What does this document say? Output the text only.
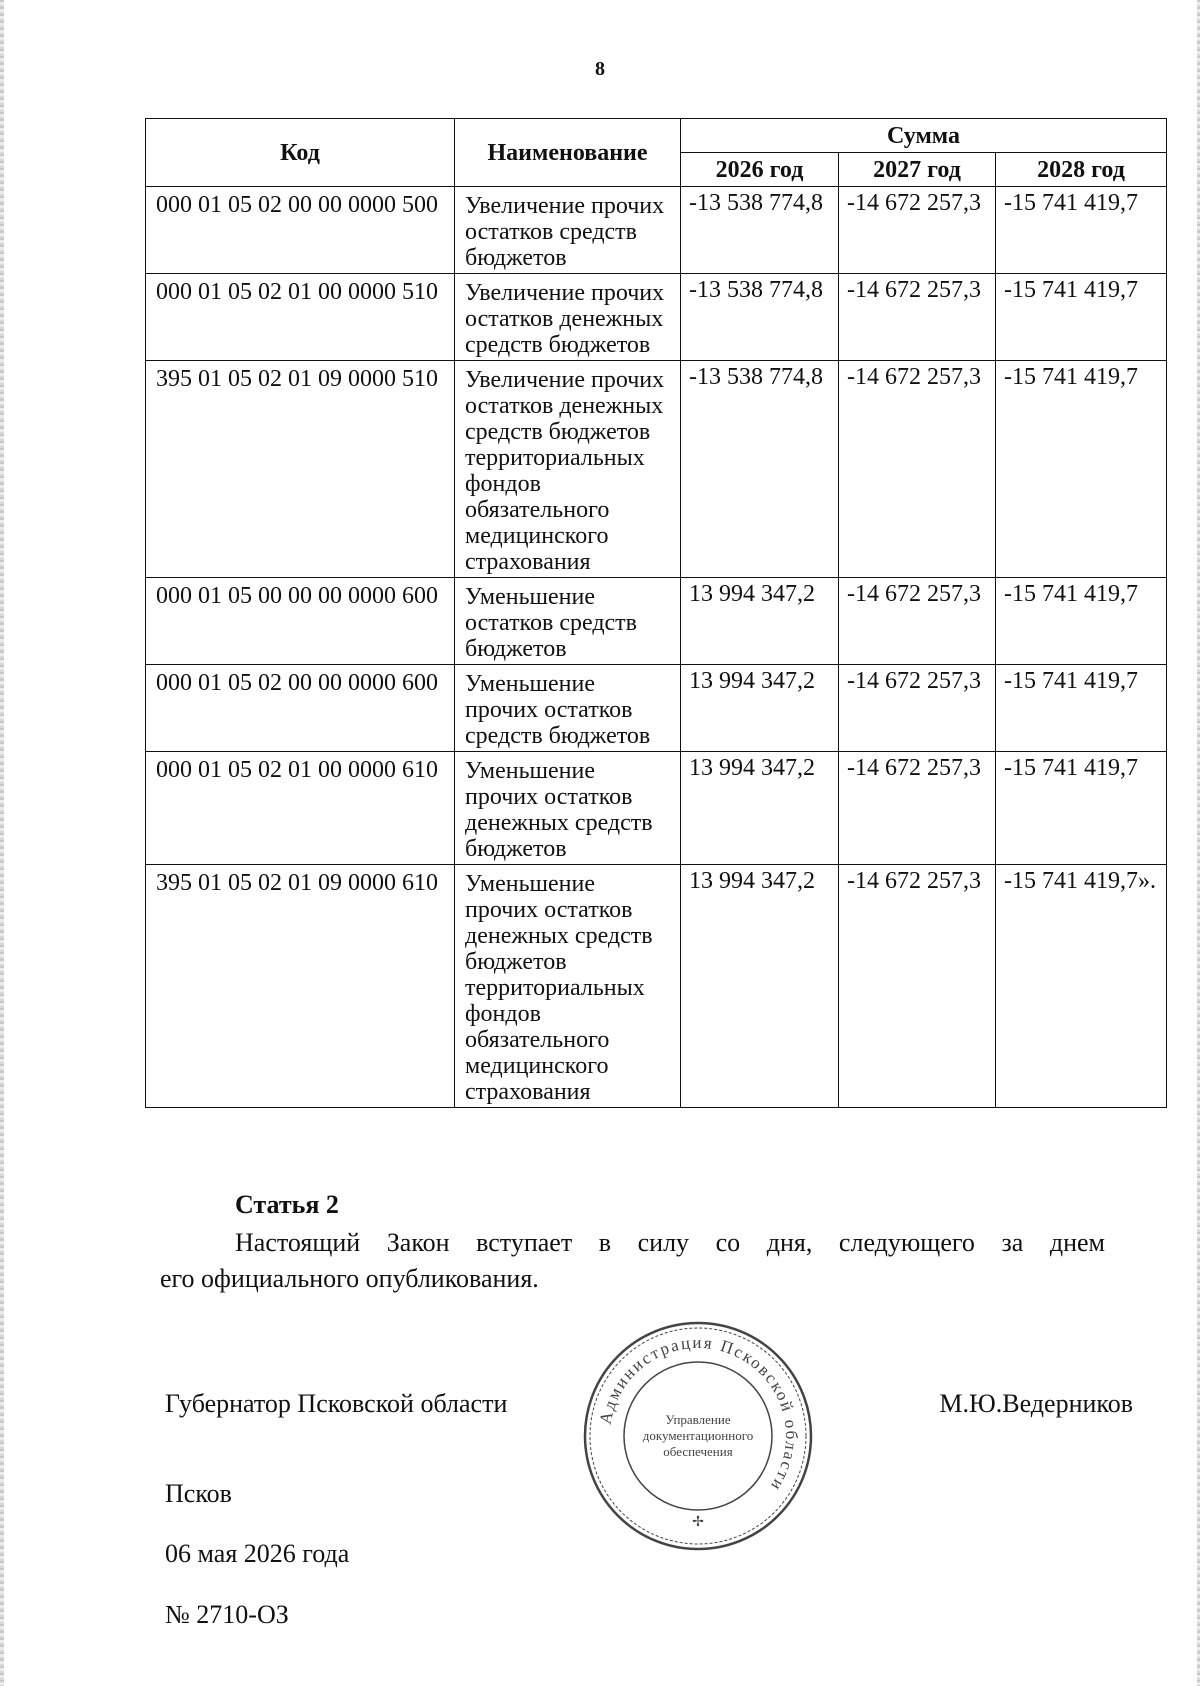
8
Код	Наименование	Сумма		
		2026 год	2027 год	2028 год
000 01 05 02 00 00 0000 500	Увеличение прочих остатков средств бюджетов	-13 538 774,8	-14 672 257,3	-15 741 419,7
000 01 05 02 01 00 0000 510	Увеличение прочих остатков денежных средств бюджетов	-13 538 774,8	-14 672 257,3	-15 741 419,7
395 01 05 02 01 09 0000 510	Увеличение прочих остатков денежных средств бюджетов территориальных фондов обязательного медицинского страхования	-13 538 774,8	-14 672 257,3	-15 741 419,7
000 01 05 00 00 00 0000 600	Уменьшение остатков средств бюджетов	13 994 347,2	-14 672 257,3	-15 741 419,7
000 01 05 02 00 00 0000 600	Уменьшение прочих остатков средств бюджетов	13 994 347,2	-14 672 257,3	-15 741 419,7
000 01 05 02 01 00 0000 610	Уменьшение прочих остатков денежных средств бюджетов	13 994 347,2	-14 672 257,3	-15 741 419,7
395 01 05 02 01 09 0000 610	Уменьшение прочих остатков денежных средств бюджетов территориальных фондов обязательного медицинского страхования	13 994 347,2	-14 672 257,3	-15 741 419,7».
Статья 2
Настоящий Закон вступает в силу со дня, следующего за днем
его официального опубликования.
Губернатор Псковской области	М.Ю.Ведерников
Администрация Псковской области
Управление
документационного
обеспечения
✢
Псков
06 мая 2026 года
№ 2710-ОЗ
